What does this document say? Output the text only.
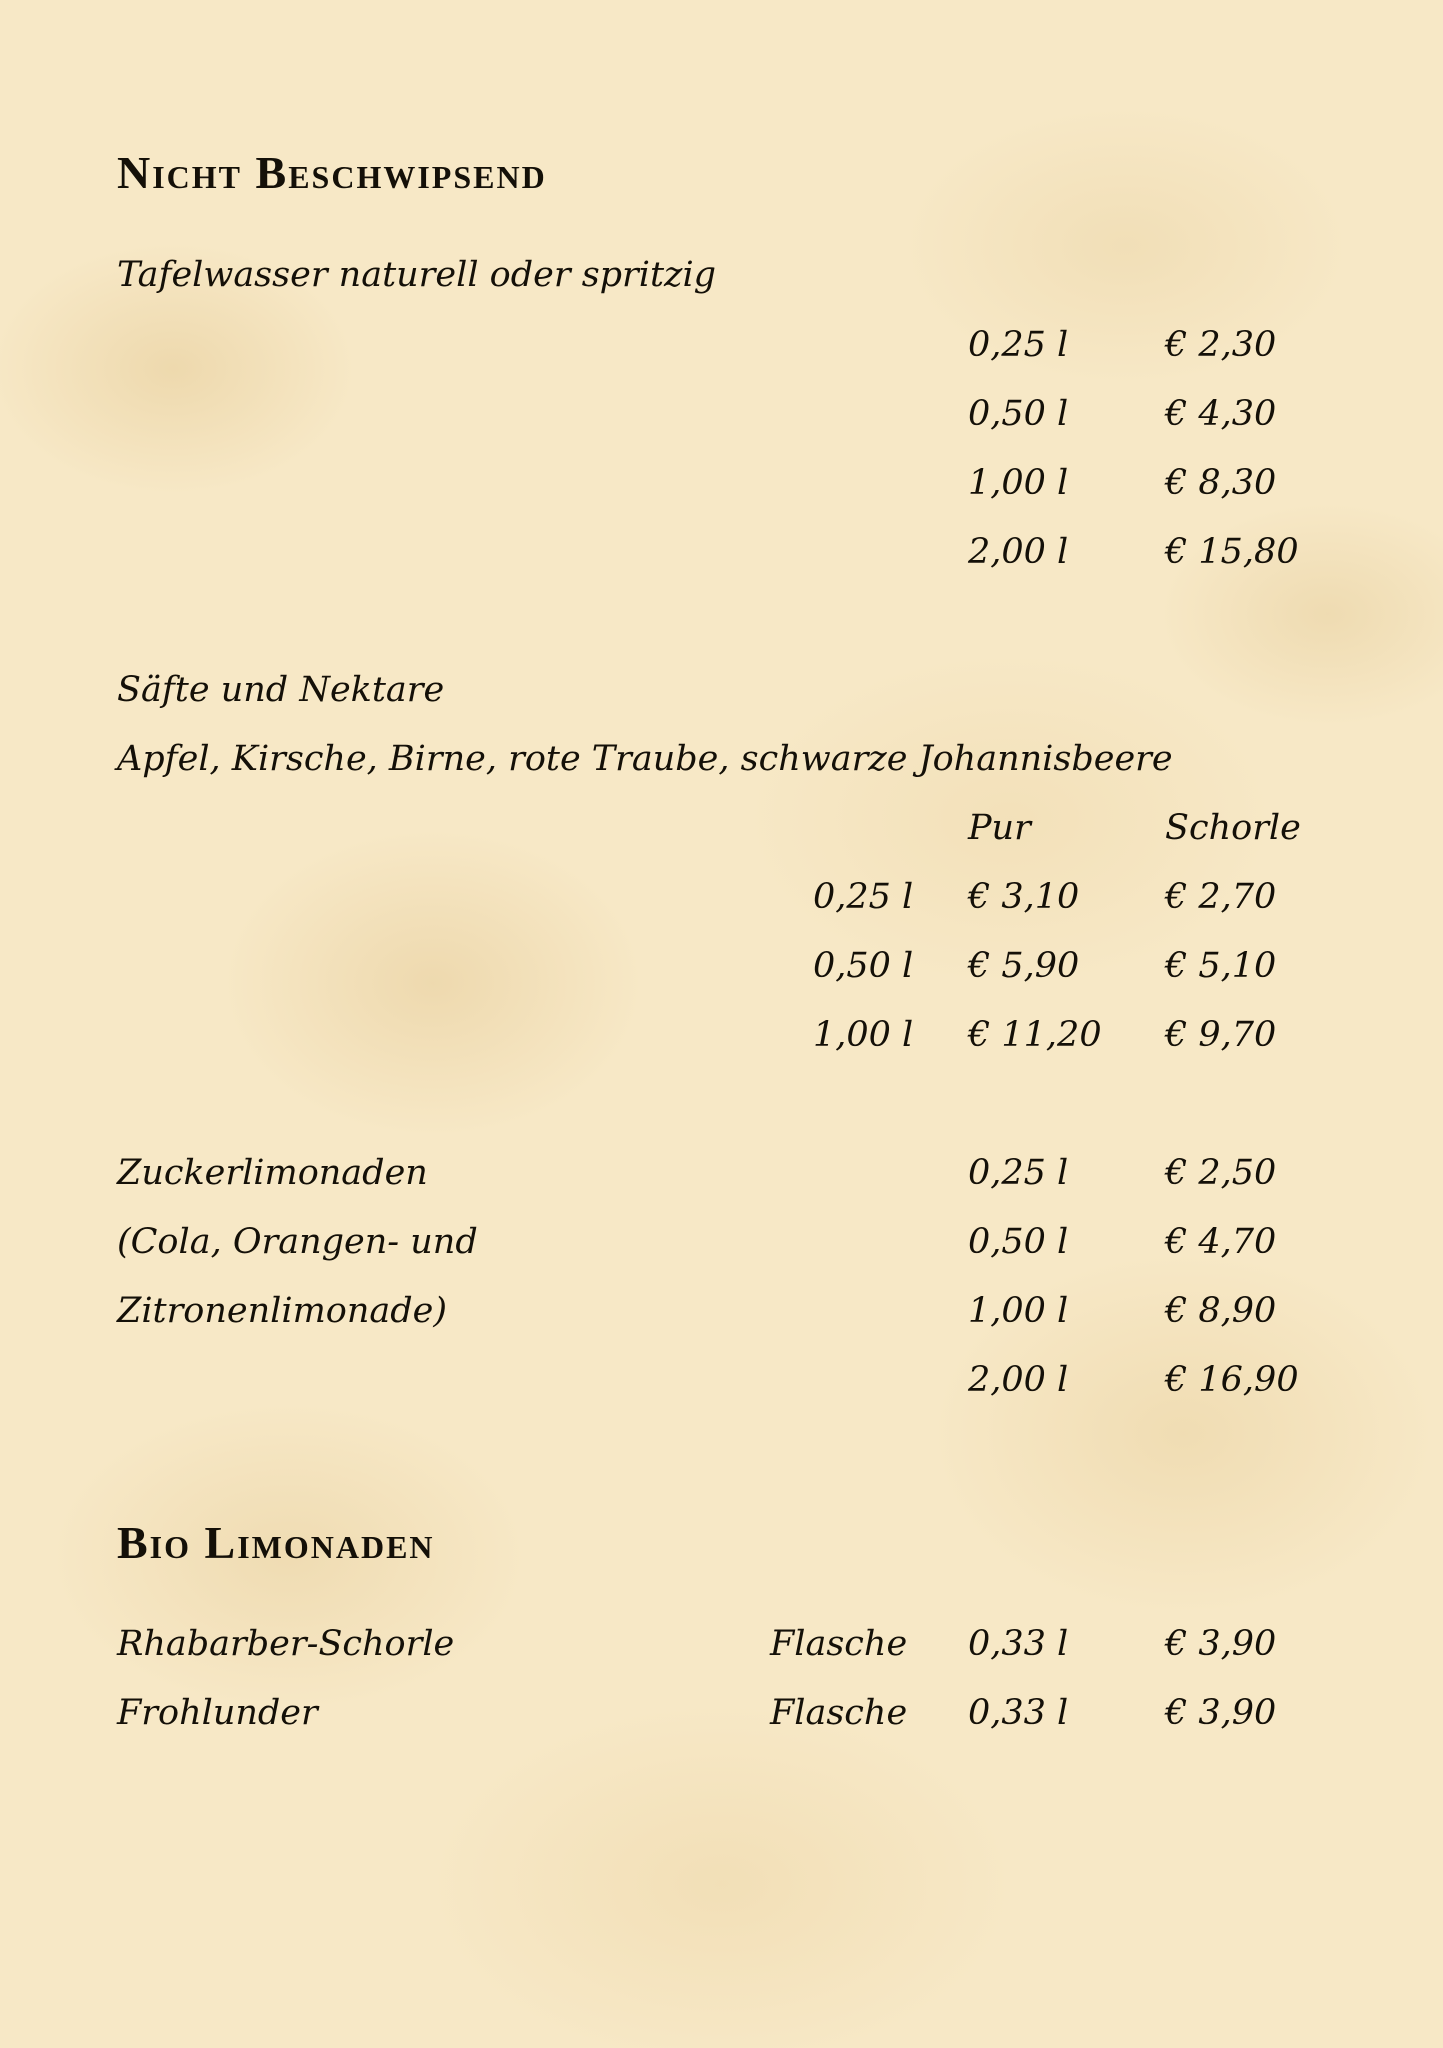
Nicht Beschwipsend
Tafelwasser naturell oder spritzig
0,25 l	€ 2,30
0,50 l	€ 4,30
1,00 l	€ 8,30
2,00 l	€ 15,80
Säfte und Nektare
Apfel, Kirsche, Birne, rote Traube, schwarze Johannisbeere
Pur	Schorle
0,25 l € 3,10 € 2,70
0,50 l € 5,90 € 5,10
1,00 l € 11,20 € 9,70
Zuckerlimonaden
(Cola, Orangen- und
Zitronenlimonade)
0,25 l	€ 2,50
0,50 l	€ 4,70
1,00 l	€ 8,90
2,00 l	€ 16,90
Bio Limonaden
Rhabarber-Schorle	Flasche 0,33 l	€ 3,90
Frohlunder	Flasche 0,33 l	€ 3,90
